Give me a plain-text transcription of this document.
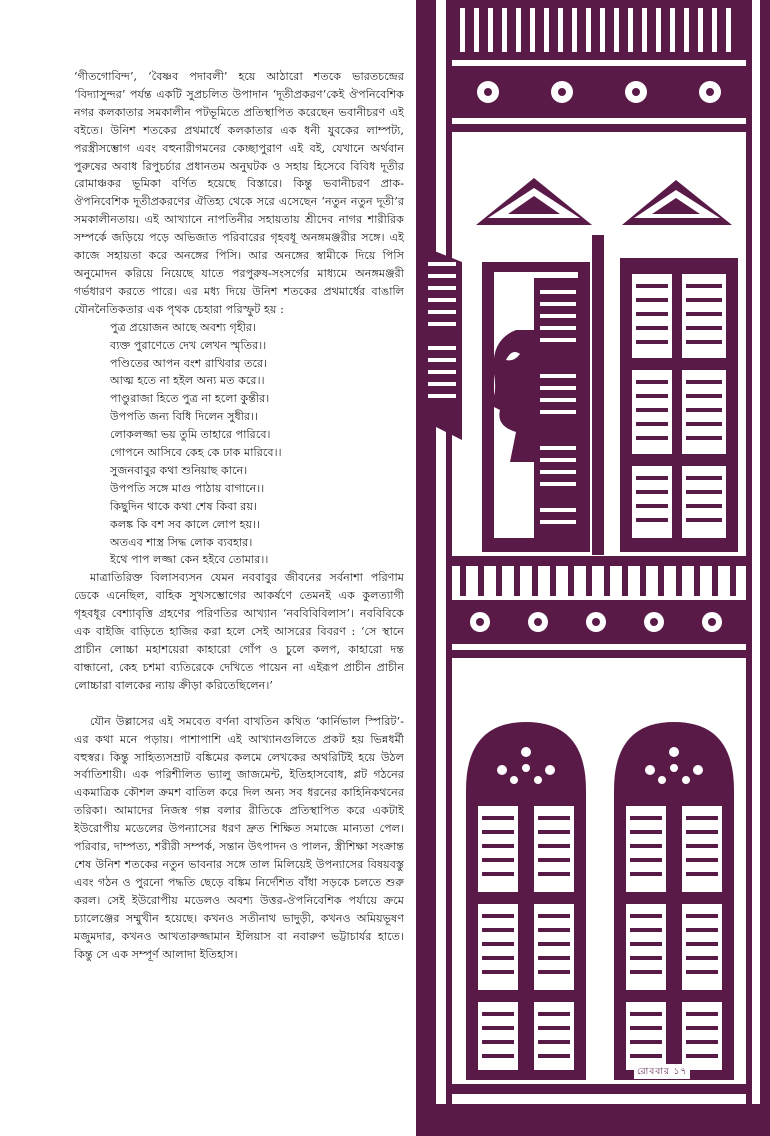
‘গীতগোবিন্দ’, ‘বৈষ্ণব পদাবলী’ হয়ে আঠারো শতকে ভারতচন্দ্রের ‘বিদ্যাসুন্দর’ পর্যন্ত একটি সুপ্রচলিত উপাদান ‘দূতীপ্রকরণ’কেই ঔপনিবেশিক নগর কলকাতার সমকালীন পটভূমিতে প্রতিস্থাপিত করেছেন ভবানীচরণ এই বইতে। উনিশ শতকের প্রথমার্ধে কলকাতার এক ধনী যুবকের লাম্পট্য, পরস্ত্রীসম্ভোগ এবং বহুনারীগমনের কেচ্ছাপুরাণ এই বই, যেখানে অর্থবান পুরুষের অবাধ রিপুচর্চার প্রধানতম অনুঘটক ও সহায় হিসেবে বিবিধ দূতীর রোমাঞ্চকর ভূমিকা বর্ণিত হয়েছে বিস্তারে। কিন্তু ভবানীচরণ প্রাক-ঔপনিবেশিক দূতীপ্রকরণের ঐতিহ্য থেকে সরে এসেছেন ‘নতুন নতুন দূতী’র সমকালীনতায়। এই আখ্যানে নাপতিনীর সহায়তায় শ্রীদেব নাগর শারীরিক সম্পর্কে জড়িয়ে পড়ে অভিজাত পরিবারের গৃহবধূ অনঙ্গমঞ্জরীর সঙ্গে। এই কাজে সহায়তা করে অনঙ্গের পিসি। আর অনঙ্গের স্বামীকে দিয়ে পিসি অনুমোদন করিয়ে নিয়েছে যাতে পরপুরুষ-সংসর্গের মাধ্যমে অনঙ্গমঞ্জরী গর্ভধারণ করতে পারে। এর মধ্য দিয়ে উনিশ শতকের প্রথমার্ধের বাঙালি যৌননৈতিকতার এক পৃথক চেহারা পরিস্ফুট হয় :

পুত্র প্রয়োজন আছে অবশ্য গৃহীর।
ব্যক্ত পুরাণেতে দেখ লেখন স্মৃতির।।
পণ্ডিতের আপন বংশ রাখিবার তরে।
আত্ম হতে না হইল অন্য মত করে।।
পাণ্ডুরাজা হিতে পুত্র না হলো কুন্তীর।
উপপতি জন্য বিধি দিলেন সুধীর।।
লোকলজ্জা ভয় তুমি তাহারে পারিবে।
গোপনে আসিবে কেহ কে ঢাক মারিবে।।
সুজনবাবুর কথা শুনিয়াছ কানে।
উপপতি সঙ্গে মাগু পাঠায় বাগানে।।
কিছুদিন থাকে কথা শেষ কিবা রয়।
কলঙ্ক কি বশ সব কালে লোপ হয়।।
অতএব শাস্ত্র সিদ্ধ লোক ব্যবহার।
ইথে পাপ লজ্জা কেন হইবে তোমার।।

মাত্রাতিরিক্ত বিলাসব্যসন যেমন নববাবুর জীবনের সর্বনাশা পরিণাম ডেকে এনেছিল, বাহিক সুখসম্ভোগের আকর্ষণে তেমনই এক কুলত্যাগী গৃহবধূর বেশ্যাবৃত্তি গ্রহণের পরিণতির আখ্যান ‘নববিবিবিলাস’। নববিবিকে এক বাইজি বাড়িতে হাজির করা হলে সেই আসরের বিবরণ : ‘সে স্থানে প্রাচীন লোচ্চা মহাশয়েরা কাহারো গোঁপ ও চুলে কলপ, কাহারো দন্ত বান্ধানো, কেহ চশমা ব্যতিরেকে দেখিতে পায়েন না এইরূপ প্রাচীন প্রাচীন লোচ্চারা বালকের ন্যায় ক্রীড়া করিতেছিলেন।’

যৌন উল্লাসের এই সমবেত বর্ণনা বাখতিন কথিত ‘কার্নিভাল স্পিরিট’-এর কথা মনে পড়ায়। পাশাপাশি এই আখ্যানগুলিতে প্রকট হয় ভিন্নধর্মী বহুস্বর। কিন্তু সাহিত্যসম্রাট বঙ্কিমের কলমে লেখকের অথরিটিই হয়ে উঠল সর্বাতিশায়ী। এক পরিশীলিত ভ্যালু জাজমেন্ট, ইতিহাসবোধ, প্লট গঠনের একমাত্রিক কৌশল ক্রমশ বাতিল করে দিল অন্য সব ধরনের কাহিনিকথনের তরিকা। আমাদের নিজস্ব গল্প বলার রীতিকে প্রতিস্থাপিত করে একটাই ইউরোপীয় মডেলের উপন্যাসের ধরণ দ্রুত শিক্ষিত সমাজে মান্যতা পেল। পরিবার, দাম্পত্য, শরীরী সম্পর্ক, সন্তান উৎপাদন ও পালন, স্ত্রীশিক্ষা সংক্রান্ত শেষ উনিশ শতকের নতুন ভাবনার সঙ্গে তাল মিলিয়েই উপন্যাসের বিষয়বস্তু এবং গঠন ও পুরনো পদ্ধতি ছেড়ে বঙ্কিম নির্দেশিত বাঁধা সড়কে চলতে শুরু করল। সেই ইউরোপীয় মডেলও অবশ্য উত্তর-ঔপনিবেশিক পর্যায়ে ক্রমে চ্যালেঞ্জের সম্মুখীন হয়েছে। কখনও সতীনাথ ভাদুড়ী, কখনও অমিয়ভূষণ মজুমদার, কখনও আখতারুজ্জামান ইলিয়াস বা নবারুণ ভট্টাচার্যর হাতে। কিন্তু সে এক সম্পূর্ণ আলাদা ইতিহাস।

রোববার ১৭
